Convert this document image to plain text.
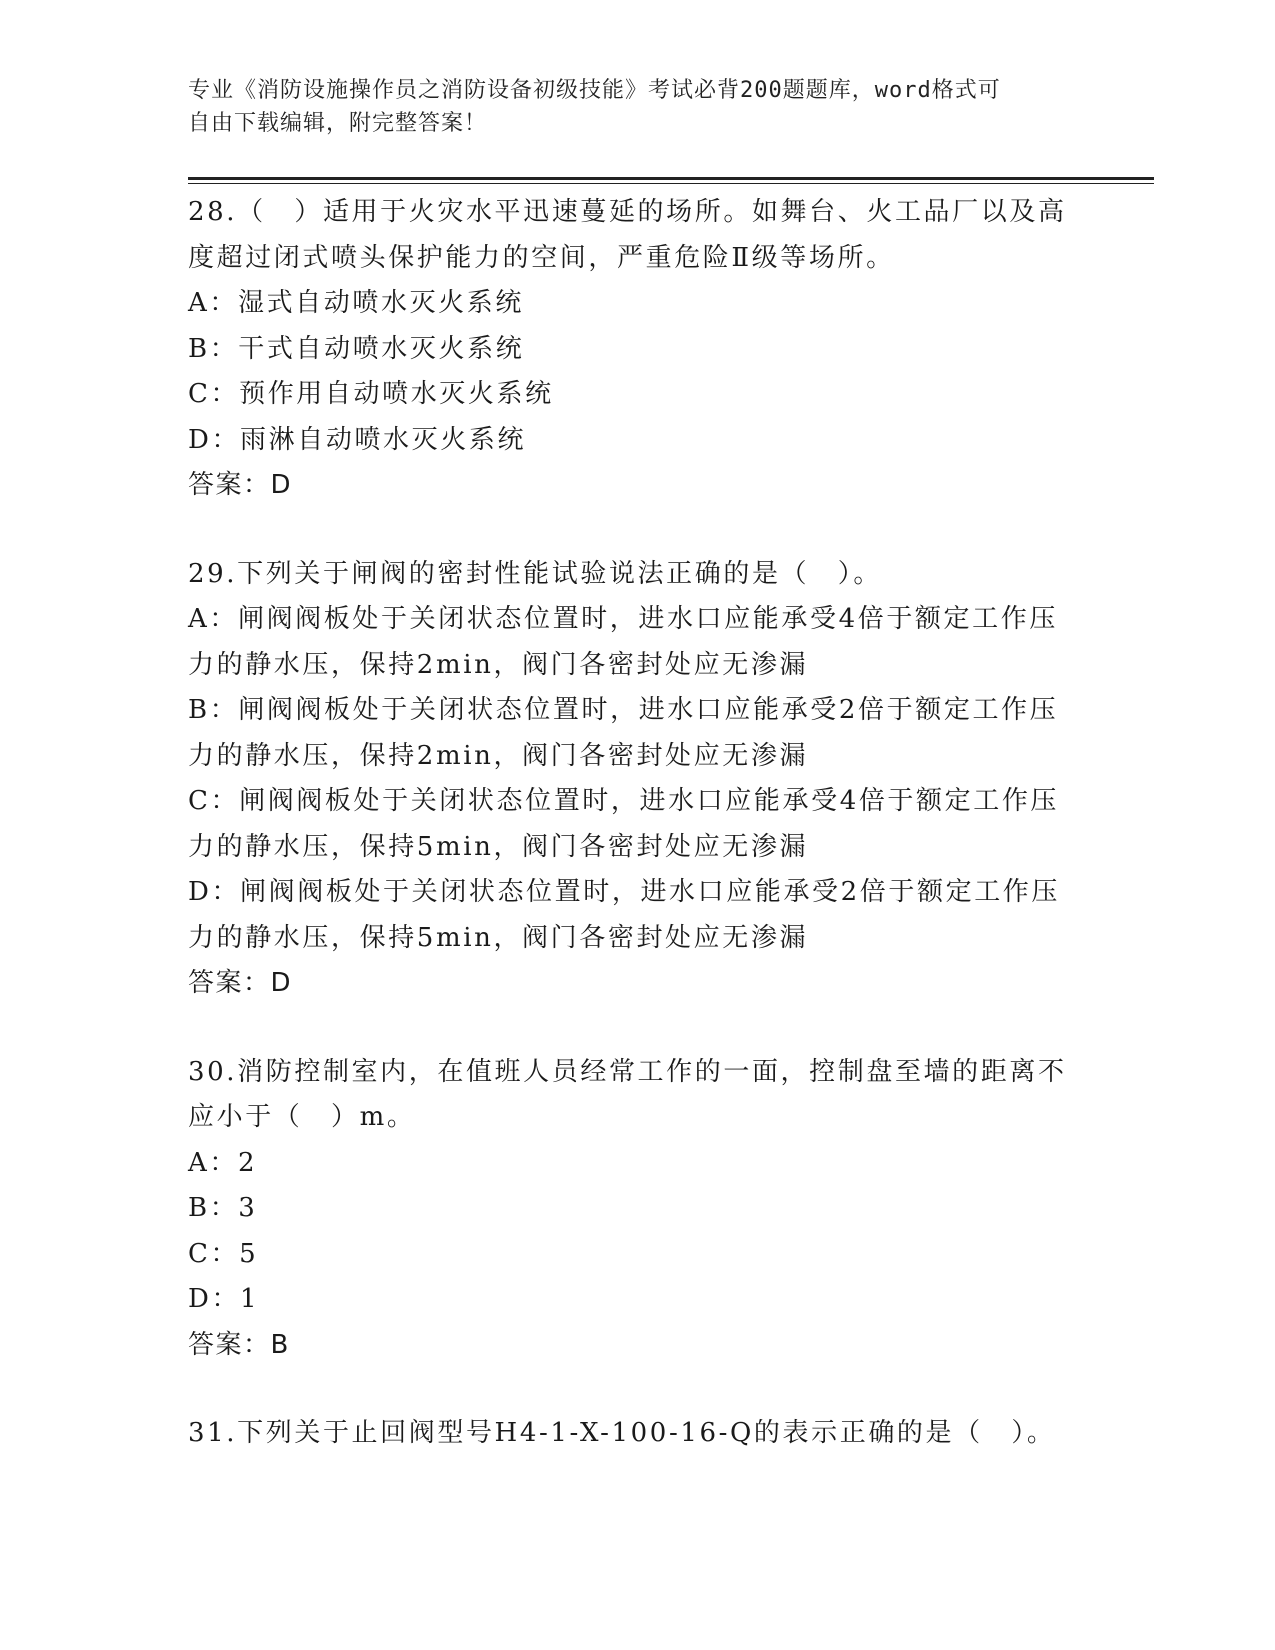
专业《消防设施操作员之消防设备初级技能》考试必背200题题库，word格式可
自由下载编辑，附完整答案！
28.（　）适用于火灾水平迅速蔓延的场所。如舞台、火工品厂以及高
度超过闭式喷头保护能力的空间，严重危险Ⅱ级等场所。
A：湿式自动喷水灭火系统
B：干式自动喷水灭火系统
C：预作用自动喷水灭火系统
D：雨淋自动喷水灭火系统
答案：D
29.下列关于闸阀的密封性能试验说法正确的是（　）。
A：闸阀阀板处于关闭状态位置时，进水口应能承受4倍于额定工作压
力的静水压，保持2min，阀门各密封处应无渗漏
B：闸阀阀板处于关闭状态位置时，进水口应能承受2倍于额定工作压
力的静水压，保持2min，阀门各密封处应无渗漏
C：闸阀阀板处于关闭状态位置时，进水口应能承受4倍于额定工作压
力的静水压，保持5min，阀门各密封处应无渗漏
D：闸阀阀板处于关闭状态位置时，进水口应能承受2倍于额定工作压
力的静水压，保持5min，阀门各密封处应无渗漏
答案：D
30.消防控制室内，在值班人员经常工作的一面，控制盘至墙的距离不
应小于（　）m。
A：2
B：3
C：5
D：1
答案：B
31.下列关于止回阀型号H4-1-X-100-16-Q的表示正确的是（　）。
